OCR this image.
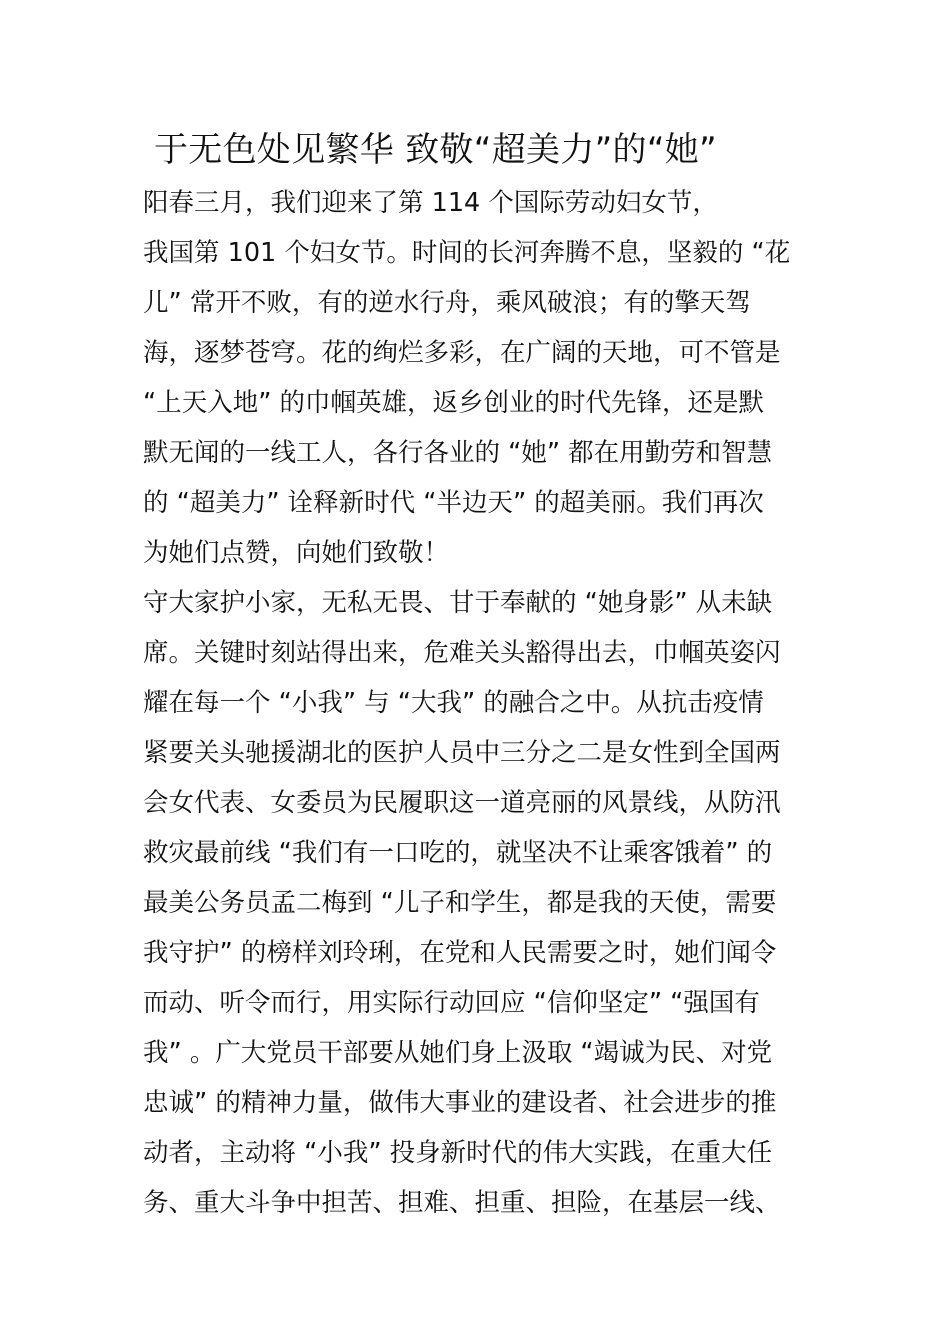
于无色处见繁华 致敬“超美力”的“她”
阳春三月，我们迎来了第 114 个国际劳动妇女节，
我国第 101 个妇女节。时间的长河奔腾不息，坚毅的 “花
儿” 常开不败，有的逆水行舟，乘风破浪；有的擎天驾
海，逐梦苍穹。花的绚烂多彩，在广阔的天地，可不管是
“上天入地” 的巾帼英雄，返乡创业的时代先锋，还是默
默无闻的一线工人，各行各业的 “她” 都在用勤劳和智慧
的 “超美力” 诠释新时代 “半边天” 的超美丽。我们再次
为她们点赞，向她们致敬！
守大家护小家，无私无畏、甘于奉献的 “她身影” 从未缺
席。关键时刻站得出来，危难关头豁得出去，巾帼英姿闪
耀在每一个 “小我” 与 “大我” 的融合之中。从抗击疫情
紧要关头驰援湖北的医护人员中三分之二是女性到全国两
会女代表、女委员为民履职这一道亮丽的风景线，从防汛
救灾最前线 “我们有一口吃的，就坚决不让乘客饿着” 的
最美公务员孟二梅到 “儿子和学生，都是我的天使，需要
我守护” 的榜样刘玲琍，在党和人民需要之时，她们闻令
而动、听令而行，用实际行动回应 “信仰坚定” “强国有
我” 。广大党员干部要从她们身上汲取 “竭诚为民、对党
忠诚” 的精神力量，做伟大事业的建设者、社会进步的推
动者，主动将 “小我” 投身新时代的伟大实践，在重大任
务、重大斗争中担苦、担难、担重、担险，在基层一线、
